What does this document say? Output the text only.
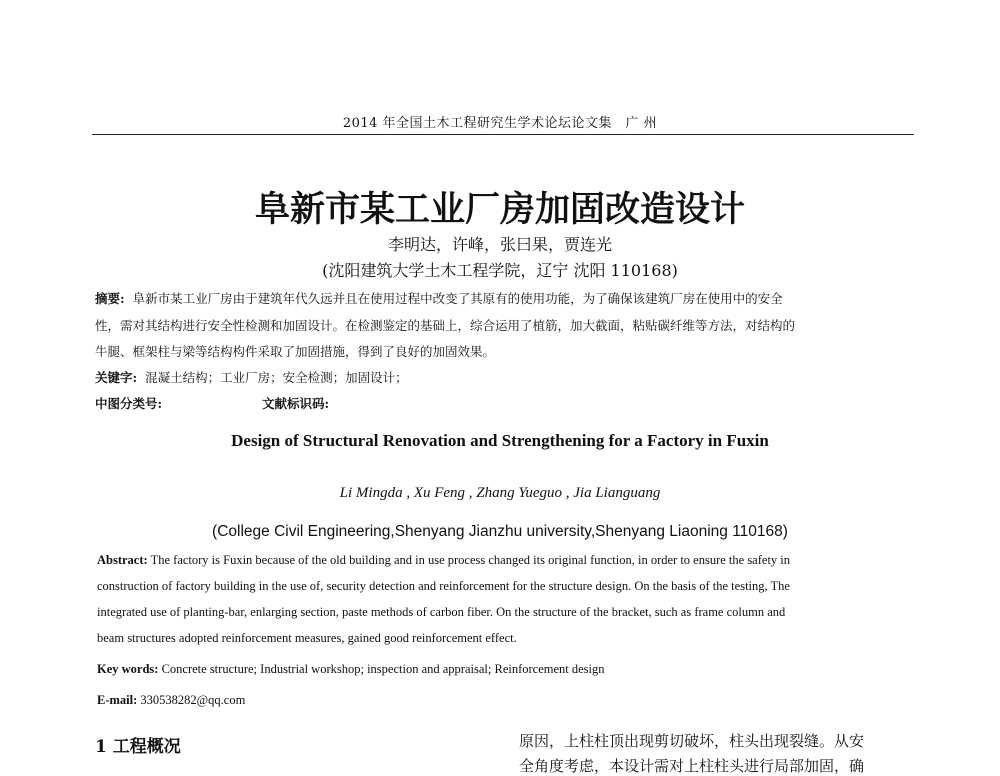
2014 年全国土木工程研究生学术论坛论文集　广 州
阜新市某工业厂房加固改造设计
李明达，许峰，张曰果，贾连光
(沈阳建筑大学土木工程学院，辽宁 沈阳 110168)
摘要: 阜新市某工业厂房由于建筑年代久远并且在使用过程中改变了其原有的使用功能，为了确保该建筑厂房在使用中的安全
性，需对其结构进行安全性检测和加固设计。在检测鉴定的基础上，综合运用了植筋，加大截面，粘贴碳纤维等方法，对结构的
牛腿、框架柱与梁等结构构件采取了加固措施，得到了良好的加固效果。
关键字: 混凝土结构；工业厂房；安全检测；加固设计；
中图分类号:	文献标识码:
Design of Structural Renovation and Strengthening for a Factory in Fuxin
Li Mingda , Xu Feng , Zhang Yueguo , Jia Lianguang
(College Civil Engineering,Shenyang Jianzhu university,Shenyang Liaoning 110168)
Abstract: The factory is Fuxin because of the old building and in use process changed its original function, in order to ensure the safety in
construction of factory building in the use of, security detection and reinforcement for the structure design. On the basis of the testing, The
integrated use of planting-bar, enlarging section, paste methods of carbon fiber. On the structure of the bracket, such as frame column and
beam structures adopted reinforcement measures, gained good reinforcement effect.
Key words: Concrete structure; Industrial workshop; inspection and appraisal; Reinforcement design
E-mail: 330538282@qq.com
1 工程概况	原因，上柱柱顶出现剪切破坏，柱头出现裂缝。从安
全角度考虑，本设计需对上柱柱头进行局部加固，确
